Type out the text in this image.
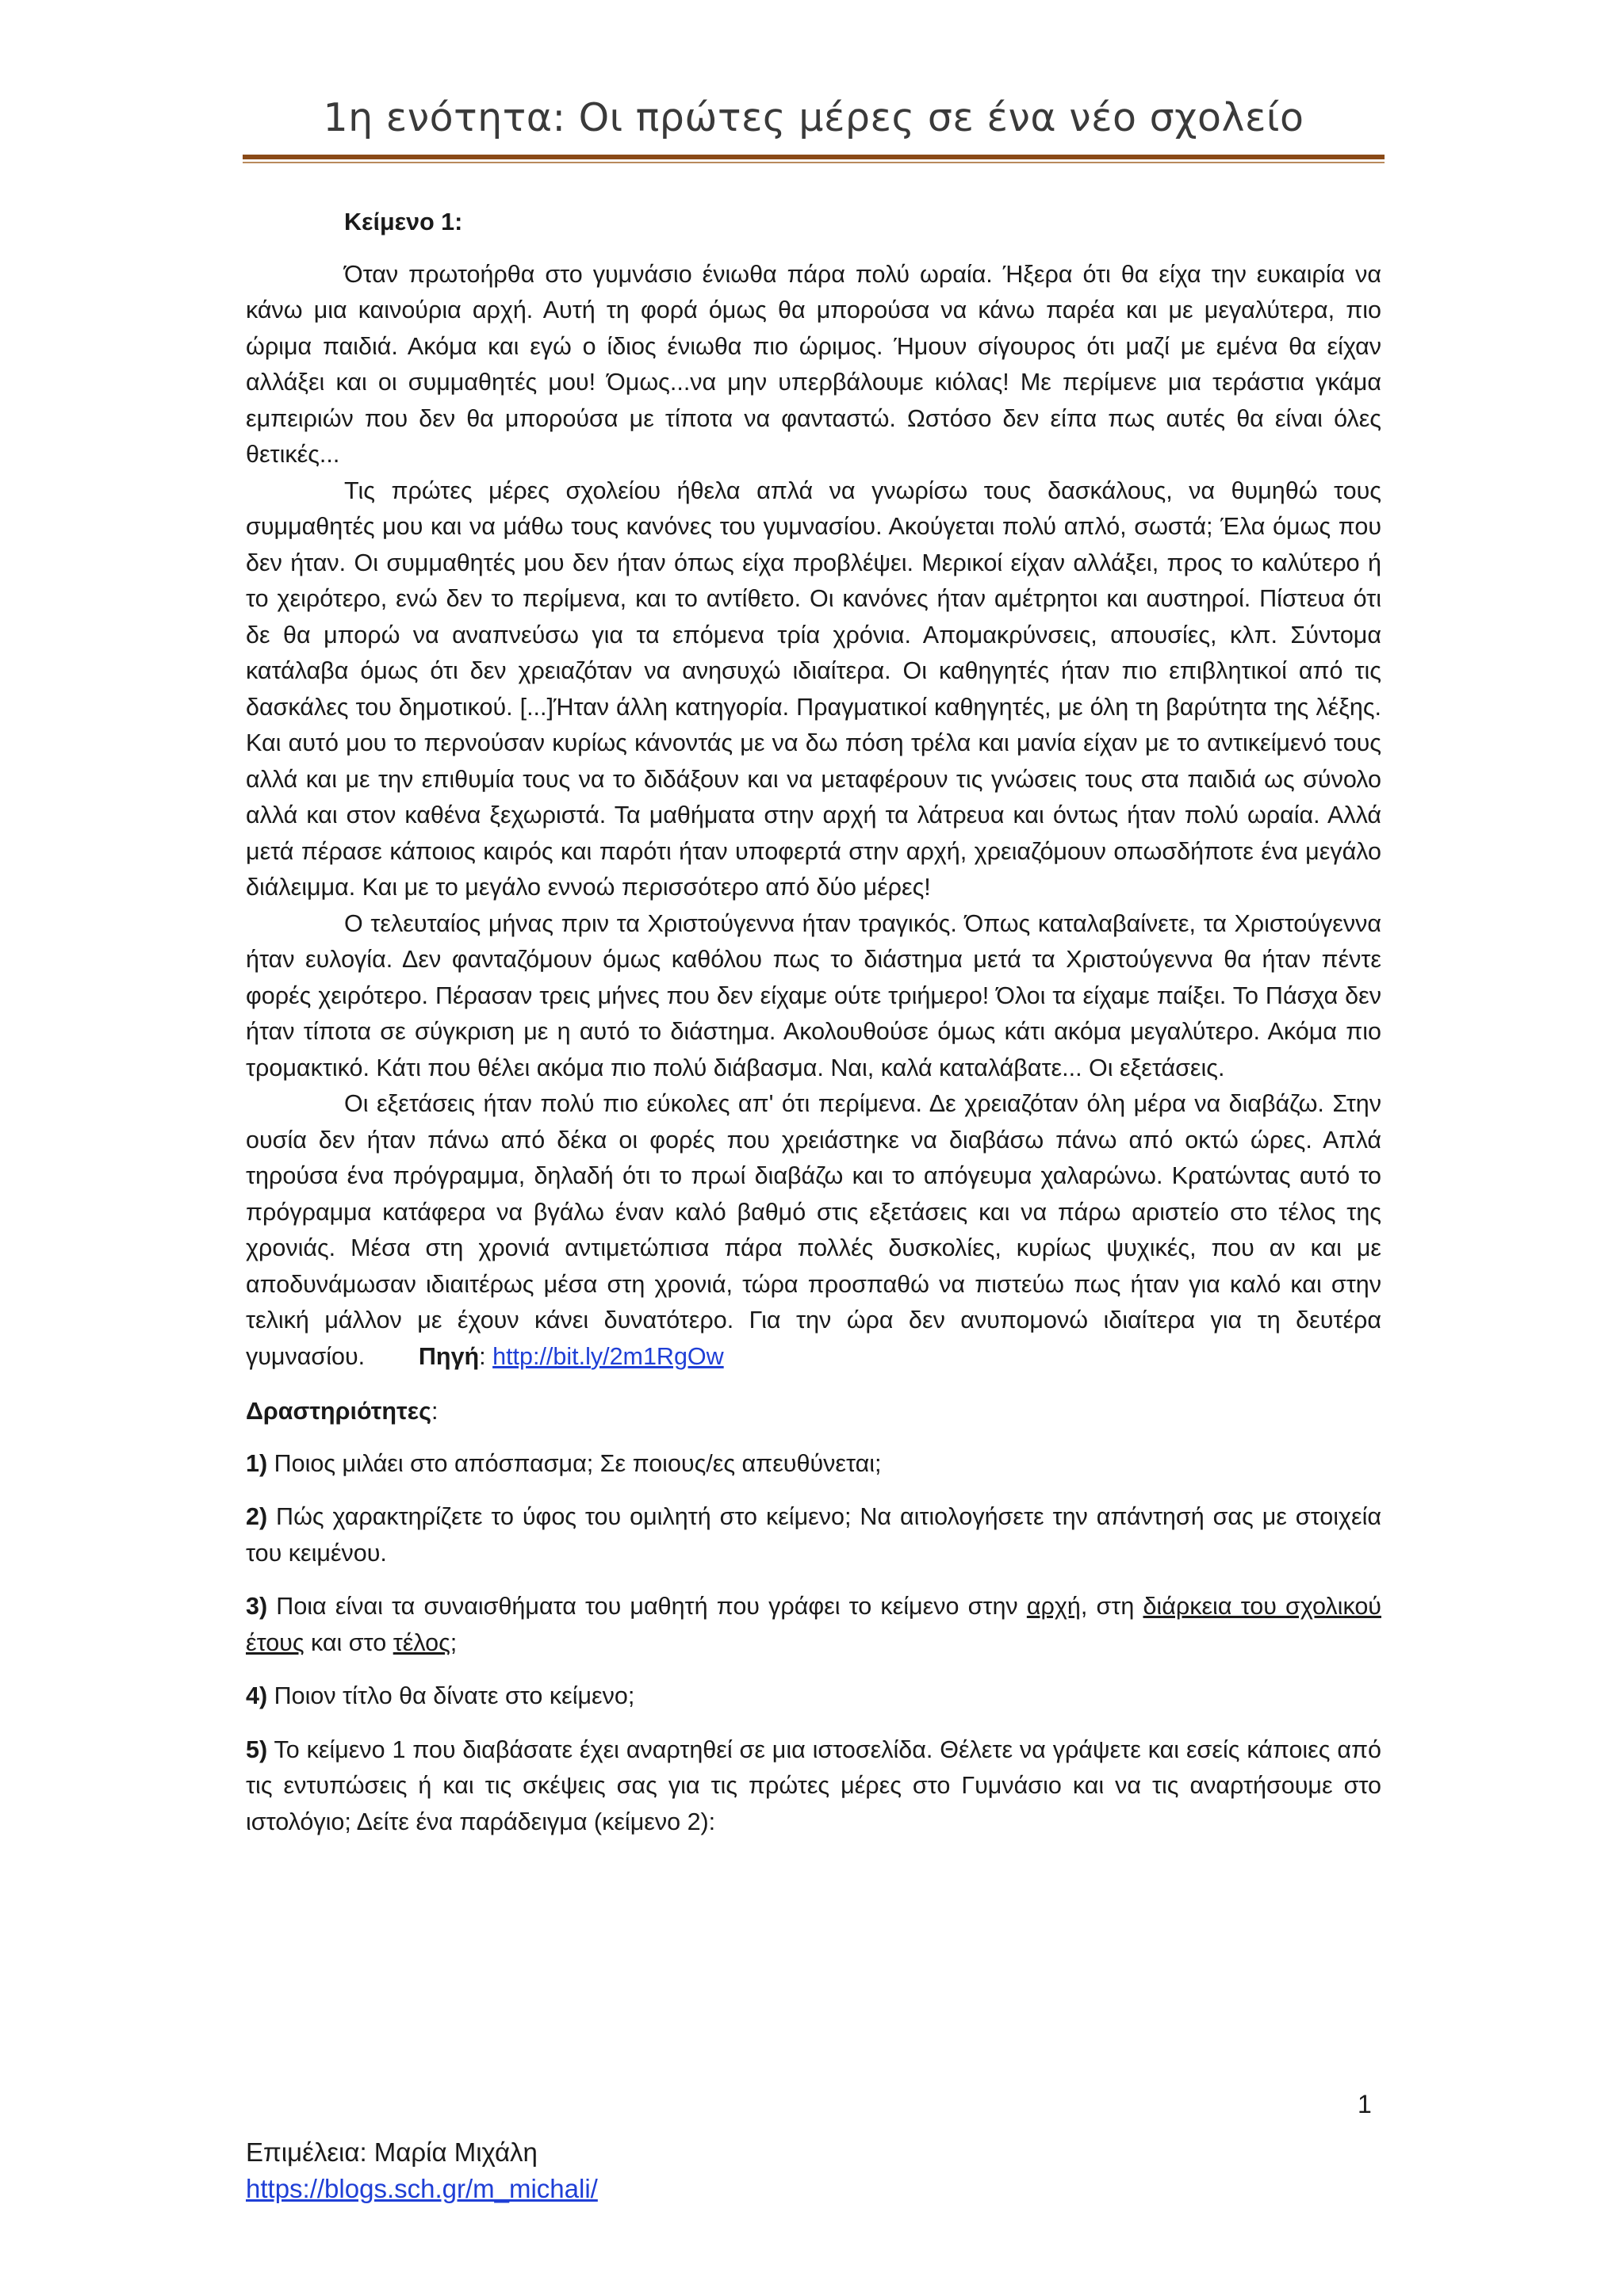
1η ενότητα: Οι πρώτες μέρες σε ένα νέο σχολείο
Κείμενο 1:

Όταν πρωτοήρθα στο γυμνάσιο ένιωθα πάρα πολύ ωραία. Ήξερα ότι θα είχα την ευκαιρία να κάνω μια καινούρια αρχή. Αυτή τη φορά όμως θα μπορούσα να κάνω παρέα και με μεγαλύτερα, πιο ώριμα παιδιά. Ακόμα και εγώ ο ίδιος ένιωθα πιο ώριμος. Ήμουν σίγουρος ότι μαζί με εμένα θα είχαν αλλάξει και οι συμμαθητές μου! Όμως...να μην υπερβάλουμε κιόλας! Με περίμενε μια τεράστια γκάμα εμπειριών που δεν θα μπορούσα με τίποτα να φανταστώ. Ωστόσο δεν είπα πως αυτές θα είναι όλες θετικές...

Τις πρώτες μέρες σχολείου ήθελα απλά να γνωρίσω τους δασκάλους, να θυμηθώ τους συμμαθητές μου και να μάθω τους κανόνες του γυμνασίου. Ακούγεται πολύ απλό, σωστά; Έλα όμως που δεν ήταν. Οι συμμαθητές μου δεν ήταν όπως είχα προβλέψει. Μερικοί είχαν αλλάξει, προς το καλύτερο ή το χειρότερο, ενώ δεν το περίμενα, και το αντίθετο. Οι κανόνες ήταν αμέτρητοι και αυστηροί. Πίστευα ότι δε θα μπορώ να αναπνεύσω για τα επόμενα τρία χρόνια. Απομακρύνσεις, απουσίες, κλπ. Σύντομα κατάλαβα όμως ότι δεν χρειαζόταν να ανησυχώ ιδιαίτερα. Οι καθηγητές ήταν πιο επιβλητικοί από τις δασκάλες του δημοτικού. [...]Ήταν άλλη κατηγορία. Πραγματικοί καθηγητές, με όλη τη βαρύτητα της λέξης. Και αυτό μου το περνούσαν κυρίως κάνοντάς με να δω πόση τρέλα και μανία είχαν με το αντικείμενό τους αλλά και με την επιθυμία τους να το διδάξουν και να μεταφέρουν τις γνώσεις τους στα παιδιά ως σύνολο αλλά και στον καθένα ξεχωριστά. Τα μαθήματα στην αρχή τα λάτρευα και όντως ήταν πολύ ωραία. Αλλά μετά πέρασε κάποιος καιρός και παρότι ήταν υποφερτά στην αρχή, χρειαζόμουν οπωσδήποτε ένα μεγάλο διάλειμμα. Και με το μεγάλο εννοώ περισσότερο από δύο μέρες!

Ο τελευταίος μήνας πριν τα Χριστούγεννα ήταν τραγικός. Όπως καταλαβαίνετε, τα Χριστούγεννα ήταν ευλογία. Δεν φανταζόμουν όμως καθόλου πως το διάστημα μετά τα Χριστούγεννα θα ήταν πέντε φορές χειρότερο. Πέρασαν τρεις μήνες που δεν είχαμε ούτε τριήμερο! Όλοι τα είχαμε παίξει. Το Πάσχα δεν ήταν τίποτα σε σύγκριση με η αυτό το διάστημα. Ακολουθούσε όμως κάτι ακόμα μεγαλύτερο. Ακόμα πιο τρομακτικό. Κάτι που θέλει ακόμα πιο πολύ διάβασμα. Ναι, καλά καταλάβατε... Οι εξετάσεις.

Οι εξετάσεις ήταν πολύ πιο εύκολες απ' ότι περίμενα. Δε χρειαζόταν όλη μέρα να διαβάζω. Στην ουσία δεν ήταν πάνω από δέκα οι φορές που χρειάστηκε να διαβάσω πάνω από οκτώ ώρες. Απλά τηρούσα ένα πρόγραμμα, δηλαδή ότι το πρωί διαβάζω και το απόγευμα χαλαρώνω. Κρατώντας αυτό το πρόγραμμα κατάφερα να βγάλω έναν καλό βαθμό στις εξετάσεις και να πάρω αριστείο στο τέλος της χρονιάς. Μέσα στη χρονιά αντιμετώπισα πάρα πολλές δυσκολίες, κυρίως ψυχικές, που αν και με αποδυνάμωσαν ιδιαιτέρως μέσα στη χρονιά, τώρα προσπαθώ να πιστεύω πως ήταν για καλό και στην τελική μάλλον με έχουν κάνει δυνατότερο. Για την ώρα δεν ανυπομονώ ιδιαίτερα για τη δευτέρα γυμνασίου. Πηγή: http://bit.ly/2m1RgOw

Δραστηριότητες:

1) Ποιος μιλάει στο απόσπασμα; Σε ποιους/ες απευθύνεται;

2) Πώς χαρακτηρίζετε το ύφος του ομιλητή στο κείμενο; Να αιτιολογήσετε την απάντησή σας με στοιχεία του κειμένου.

3) Ποια είναι τα συναισθήματα του μαθητή που γράφει το κείμενο στην αρχή, στη διάρκεια του σχολικού έτους και στο τέλος;

4) Ποιον τίτλο θα δίνατε στο κείμενο;

5) Το κείμενο 1 που διαβάσατε έχει αναρτηθεί σε μια ιστοσελίδα. Θέλετε να γράψετε και εσείς κάποιες από τις εντυπώσεις ή και τις σκέψεις σας για τις πρώτες μέρες στο Γυμνάσιο και να τις αναρτήσουμε στο ιστολόγιο; Δείτε ένα παράδειγμα (κείμενο 2):

1
Επιμέλεια: Μαρία Μιχάλη
https://blogs.sch.gr/m_michali/
